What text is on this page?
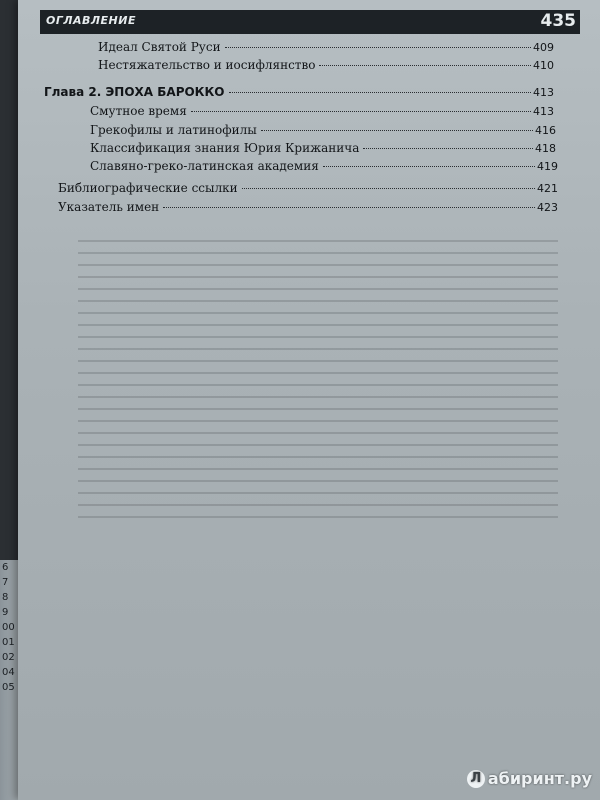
6
7
8
9
00
01
02
04
05
ОГЛАВЛЕНИЕ	435
Идеал Святой Руси	409
Нестяжательство и иосифлянство	410
Глава 2. ЭПОХА БАРОККО	413
Смутное время	413
Грекофилы и латинофилы	416
Классификация знания Юрия Крижанича	418
Славяно-греко-латинская академия	419
Библиографические ссылки	421
Указатель имен	423
Л абиринт.ру
